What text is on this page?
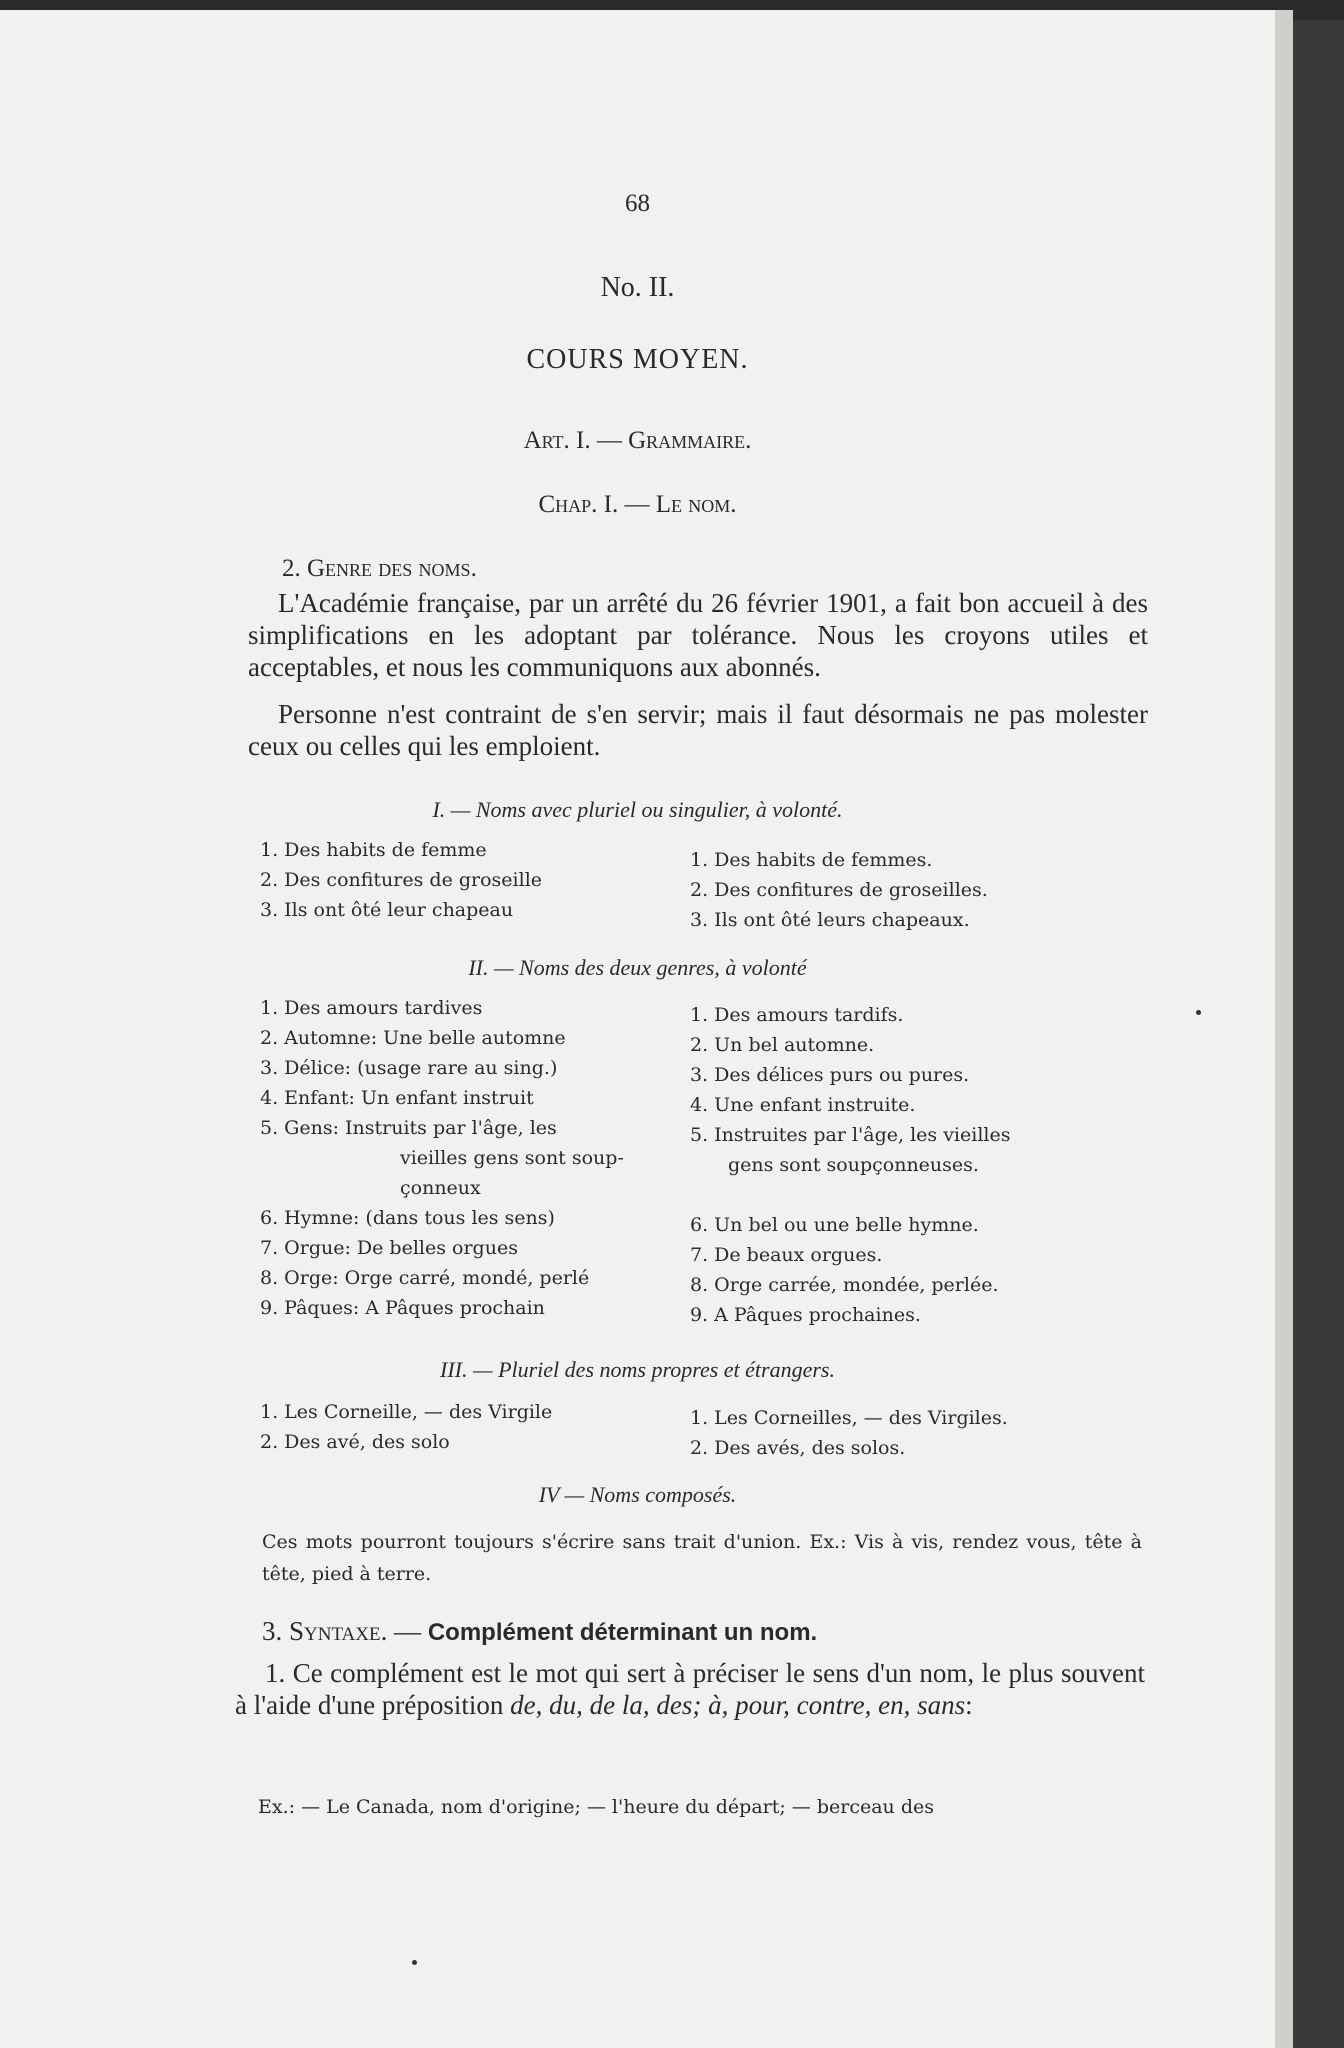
68
No. II.
COURS MOYEN.
Art. I. — Grammaire.
Chap. I. — Le nom.
2. Genre des noms.
L'Académie française, par un arrêté du 26 février 1901, a fait bon accueil à des simplifications en les adoptant par tolérance. Nous les croyons utiles et acceptables, et nous les communiquons aux abonnés.
Personne n'est contraint de s'en servir; mais il faut désormais ne pas molester ceux ou celles qui les emploient.
I. — Noms avec pluriel ou singulier, à volonté.
1. Des habits de femme
2. Des confitures de groseille
3. Ils ont ôté leur chapeau
1. Des habits de femmes.
2. Des confitures de groseilles.
3. Ils ont ôté leurs chapeaux.
II. — Noms des deux genres, à volonté
1. Des amours tardives
2. Automne: Une belle automne
3. Délice: (usage rare au sing.)
4. Enfant: Un enfant instruit
5. Gens: Instruits par l'âge, les
vieilles gens sont soup-
çonneux
6. Hymne: (dans tous les sens)
7. Orgue: De belles orgues
8. Orge: Orge carré, mondé, perlé
9. Pâques: A Pâques prochain
1. Des amours tardifs.
2. Un bel automne.
3. Des délices purs ou pures.
4. Une enfant instruite.
5. Instruites par l'âge, les vieilles
gens sont soupçonneuses.
6. Un bel ou une belle hymne.
7. De beaux orgues.
8. Orge carrée, mondée, perlée.
9. A Pâques prochaines.
III. — Pluriel des noms propres et étrangers.
1. Les Corneille, — des Virgile
2. Des avé, des solo
1. Les Corneilles, — des Virgiles.
2. Des avés, des solos.
IV — Noms composés.
Ces mots pourront toujours s'écrire sans trait d'union. Ex.: Vis à vis, rendez vous, tête à tête, pied à terre.
3. Syntaxe. — Complément déterminant un nom.
1. Ce complément est le mot qui sert à préciser le sens d'un nom, le plus souvent à l'aide d'une préposition de, du, de la, des; à, pour, contre, en, sans:
Ex.: — Le Canada, nom d'origine; — l'heure du départ; — berceau des
